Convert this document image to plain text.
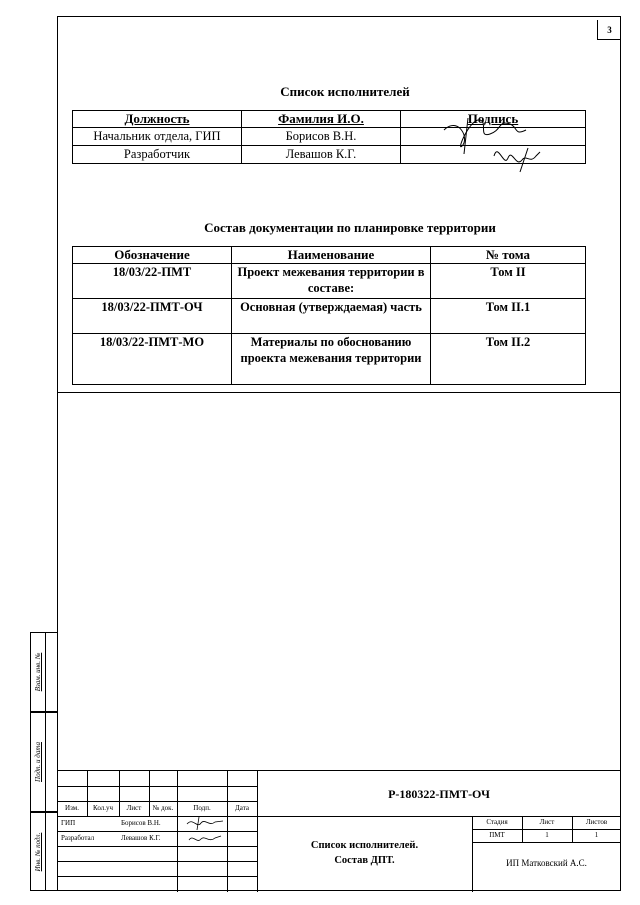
3
Список исполнителей
Должность	Фамилия И.О.	Подпись
Начальник отдела, ГИП	Борисов В.Н.	
Разработчик	Левашов К.Г.	
Состав документации по планировке территории
Обозначение	Наименование	№ тома
18/03/22-ПМТ	Проект межевания территории в составе:	Том II
18/03/22-ПМТ-ОЧ	Основная (утверждаемая) часть	Том II.1
18/03/22-ПМТ-МО	Материалы по обоснованию проекта межевания территории	Том II.2
Взам. инв. №
Подп. и дата
Инв. № подл.
Р-180322-ПМТ-ОЧ
Изм.	Кол.уч	Лист	№ док.	Подп.	Дата
ГИП	Борисов В.Н.
Разработал	Левашов К.Г.
Список исполнителей.
Состав ДПТ.
Стадия	Лист	Листов
ПМТ	1	1
ИП Матковский А.С.
